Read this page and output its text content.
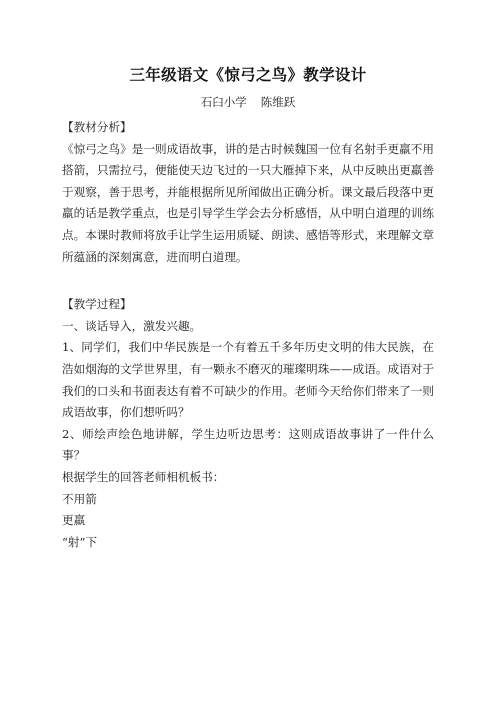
三年级语文《惊弓之鸟》教学设计
石臼小学 陈维跃

【教材分析】

《惊弓之鸟》是一则成语故事，讲的是古时候魏国一位有名射手更羸不用搭箭，只需拉弓，便能使天边飞过的一只大雁掉下来，从中反映出更羸善于观察，善于思考，并能根据所见所闻做出正确分析。课文最后段落中更羸的话是教学重点，也是引导学生学会去分析感悟，从中明白道理的训练点。本课时教师将放手让学生运用质疑、朗读、感悟等形式，来理解文章所蕴涵的深刻寓意，进而明白道理。

【教学过程】

一、谈话导入，激发兴趣。

1、同学们，我们中华民族是一个有着五千多年历史文明的伟大民族，在浩如烟海的文学世界里，有一颗永不磨灭的璀璨明珠——成语。成语对于我们的口头和书面表达有着不可缺少的作用。老师今天给你们带来了一则成语故事，你们想听吗？

2、师绘声绘色地讲解，学生边听边思考：这则成语故事讲了一件什么事？

根据学生的回答老师相机板书：

不用箭

更羸

“射”下
